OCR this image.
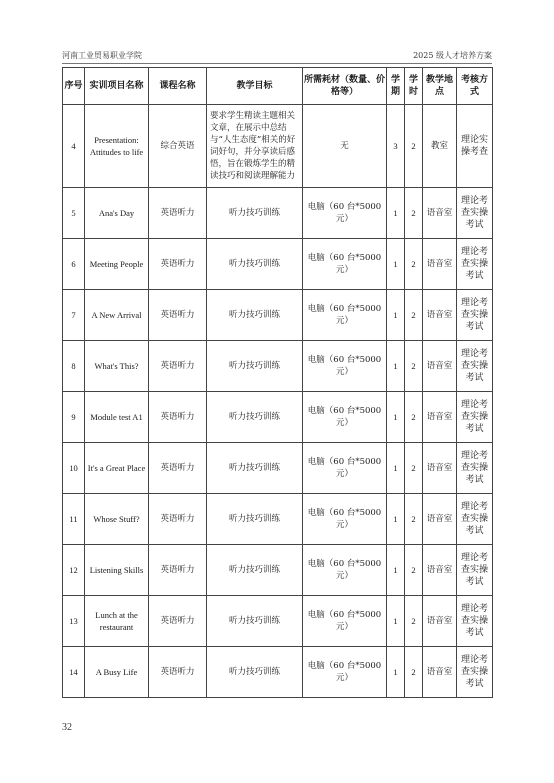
河南工业贸易职业学院	2025 级人才培养方案
序号	实训项目名称	课程名称	教学目标	所需耗材（数量、价格等）	学期	学时	教学地点	考核方式
4	Presentation: Attitudes to life	综合英语	要求学生精读主题相关文章，在展示中总结与“人生态度”相关的好词好句，并分享读后感悟，旨在锻炼学生的精读技巧和阅读理解能力	无	3	2	教室	理论实操考查
5	Ana's Day	英语听力	听力技巧训练	电脑（60 台*5000 元）	1	2	语音室	理论考查实操考试
6	Meeting People	英语听力	听力技巧训练	电脑（60 台*5000 元）	1	2	语音室	理论考查实操考试
7	A New Arrival	英语听力	听力技巧训练	电脑（60 台*5000 元）	1	2	语音室	理论考查实操考试
8	What's This?	英语听力	听力技巧训练	电脑（60 台*5000 元）	1	2	语音室	理论考查实操考试
9	Module test A1	英语听力	听力技巧训练	电脑（60 台*5000 元）	1	2	语音室	理论考查实操考试
10	It's a Great Place	英语听力	听力技巧训练	电脑（60 台*5000 元）	1	2	语音室	理论考查实操考试
11	Whose Stuff?	英语听力	听力技巧训练	电脑（60 台*5000 元）	1	2	语音室	理论考查实操考试
12	Listening Skills	英语听力	听力技巧训练	电脑（60 台*5000 元）	1	2	语音室	理论考查实操考试
13	Lunch at the restaurant	英语听力	听力技巧训练	电脑（60 台*5000 元）	1	2	语音室	理论考查实操考试
14	A Busy Life	英语听力	听力技巧训练	电脑（60 台*5000 元）	1	2	语音室	理论考查实操考试
32
